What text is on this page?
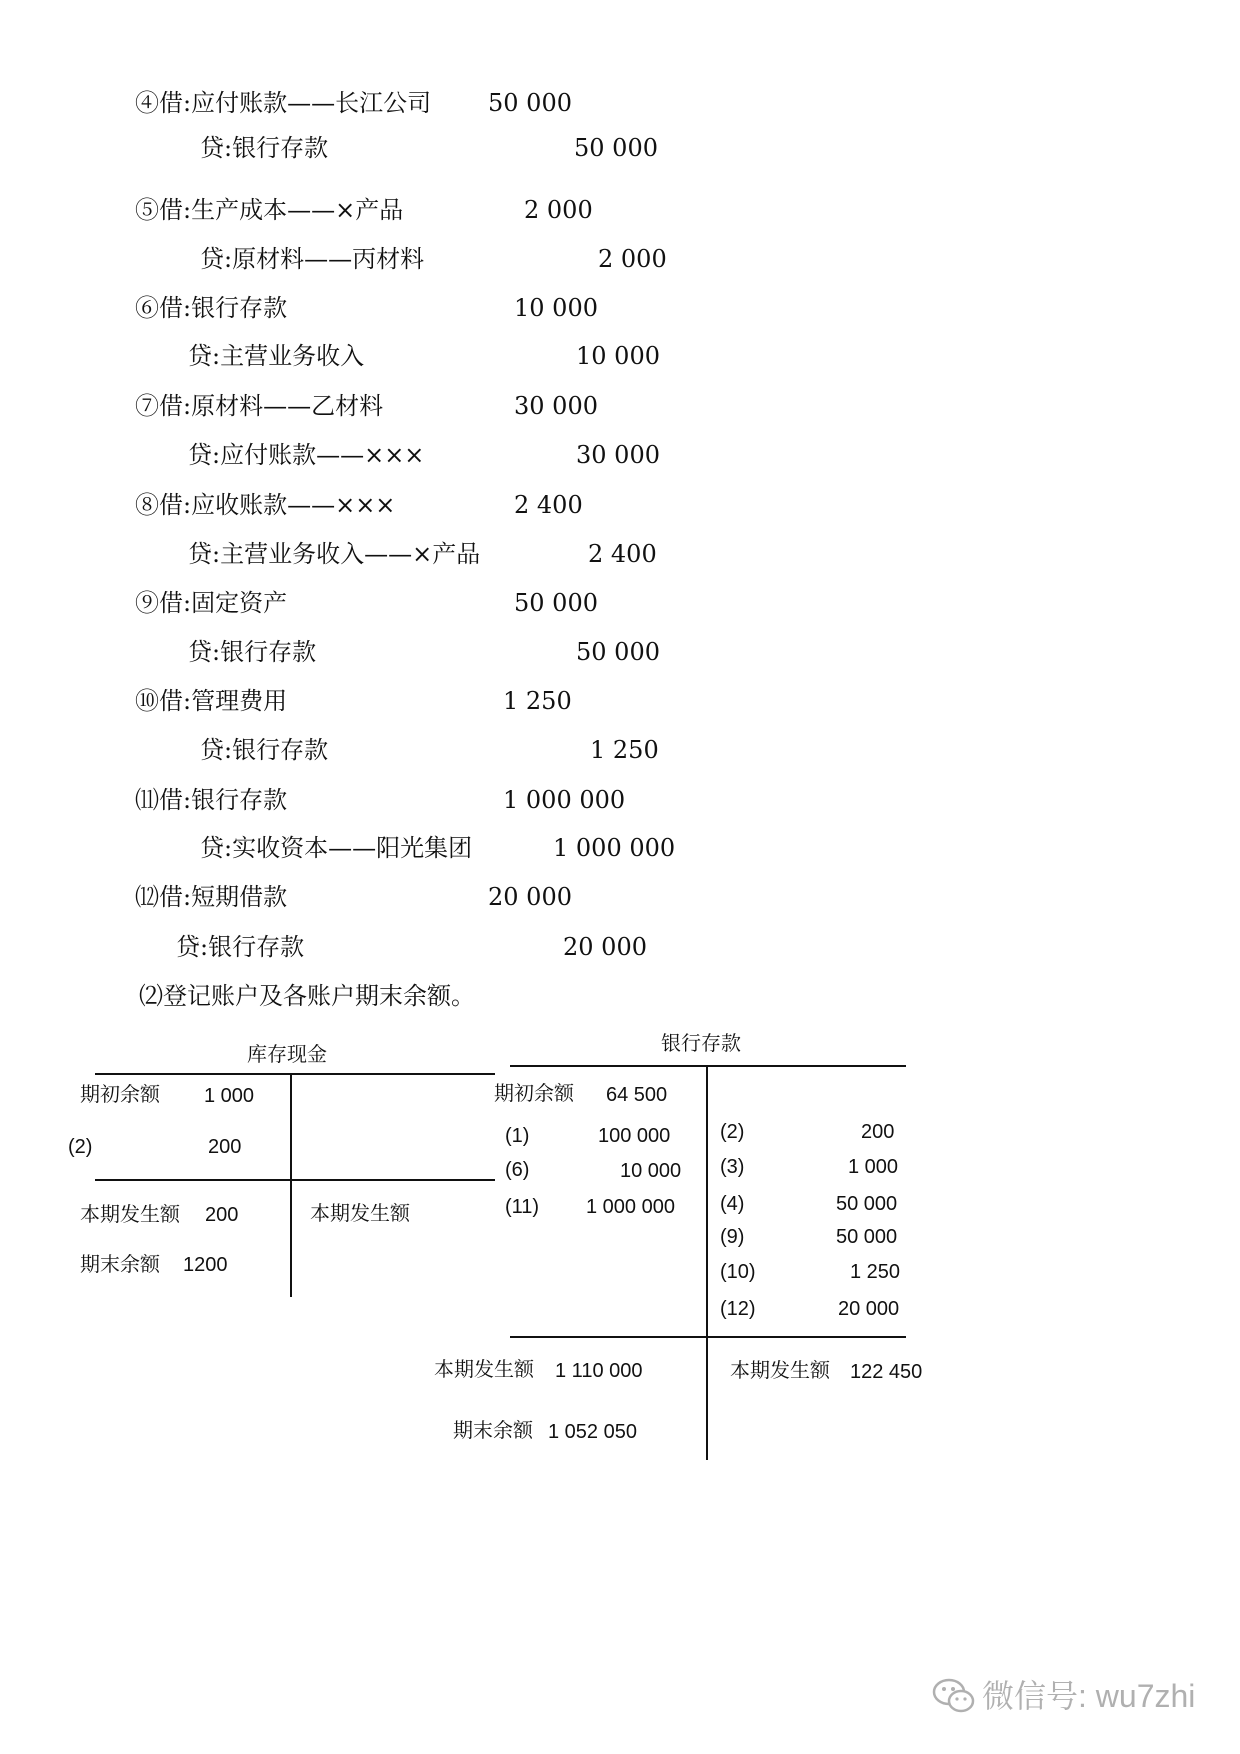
④借:应付账款——长江公司 50 000
贷:银行存款	50 000
⑤借:生产成本——×产品	2 000
贷:原材料——丙材料	2 000
⑥借:银行存款	10 000
贷:主营业务收入	10 000
⑦借:原材料——乙材料	30 000
贷:应付账款——×××	30 000
⑧借:应收账款——×××	2 400
贷:主营业务收入——×产品	2 400
⑨借:固定资产	50 000
贷:银行存款	50 000
⑩借:管理费用	1 250
贷:银行存款	1 250
⑾借:银行存款	1 000 000
贷:实收资本——阳光集团	1 000 000
⑿借:短期借款	20 000
贷:银行存款	20 000
⑵登记账户及各账户期末余额。
库存现金
期初余额 1 000
(2)	200
本期发生额 200	本期发生额
期末余额 1200
银行存款
期初余额 64 500
(1)	100 000
(6)	10 000
(11) 1 000 000
(2)	200
(3)	1 000
(4)	50 000
(9)	50 000
(10)	1 250
(12)	20 000
本期发生额 1 110 000	本期发生额 122 450
期末余额 1 052 050
微信号: wu7zhi
